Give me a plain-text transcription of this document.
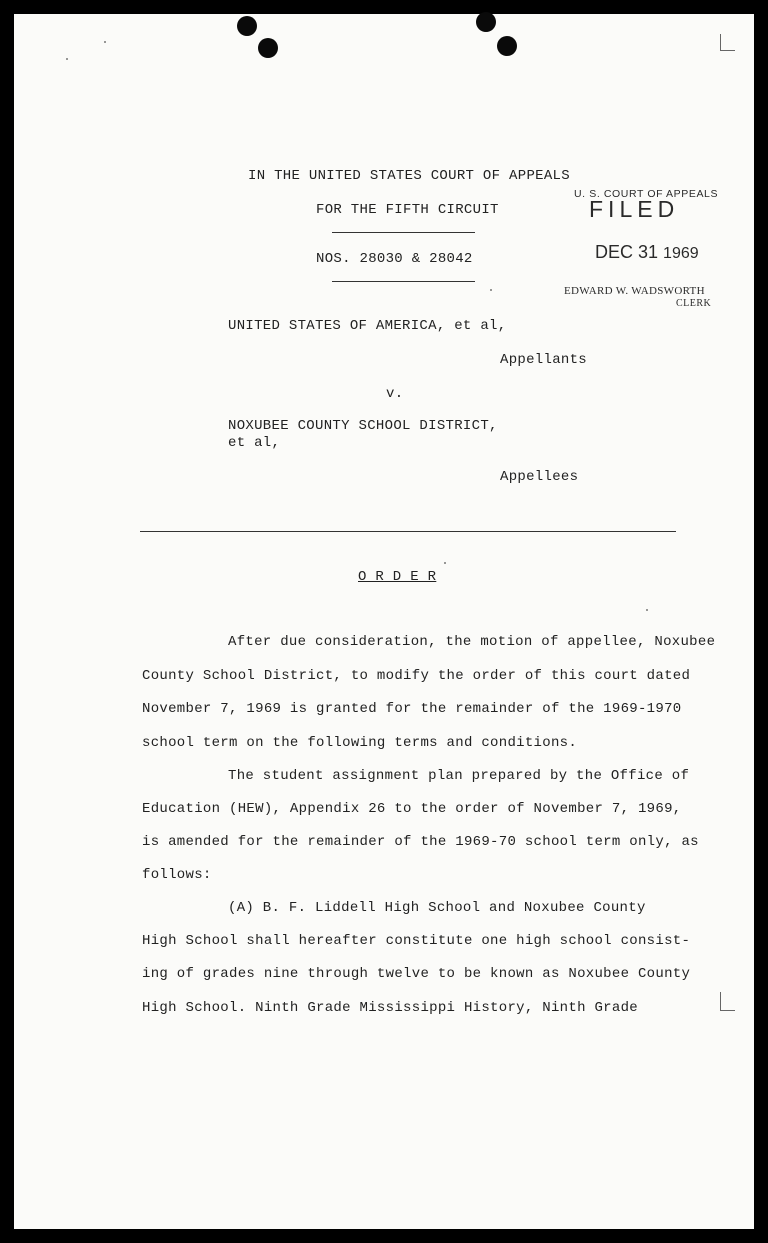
IN THE UNITED STATES COURT OF APPEALS
FOR THE FIFTH CIRCUIT
NOS. 28030 & 28042
U. S. COURT OF APPEALS
FILED
DEC 31 1969
EDWARD W. WADSWORTH
CLERK
UNITED STATES OF AMERICA, et al,
Appellants
v.
NOXUBEE COUNTY SCHOOL DISTRICT,
et al,
Appellees
O R D E R
After due consideration, the motion of appellee, Noxubee
County School District, to modify the order of this court dated
November 7, 1969 is granted for the remainder of the 1969-1970
school term on the following terms and conditions.
The student assignment plan prepared by the Office of
Education (HEW), Appendix 26 to the order of November 7, 1969,
is amended for the remainder of the 1969-70 school term only, as
follows:
(A) B. F. Liddell High School and Noxubee County
High School shall hereafter constitute one high school consist-
ing of grades nine through twelve to be known as Noxubee County
High School. Ninth Grade Mississippi History, Ninth Grade
